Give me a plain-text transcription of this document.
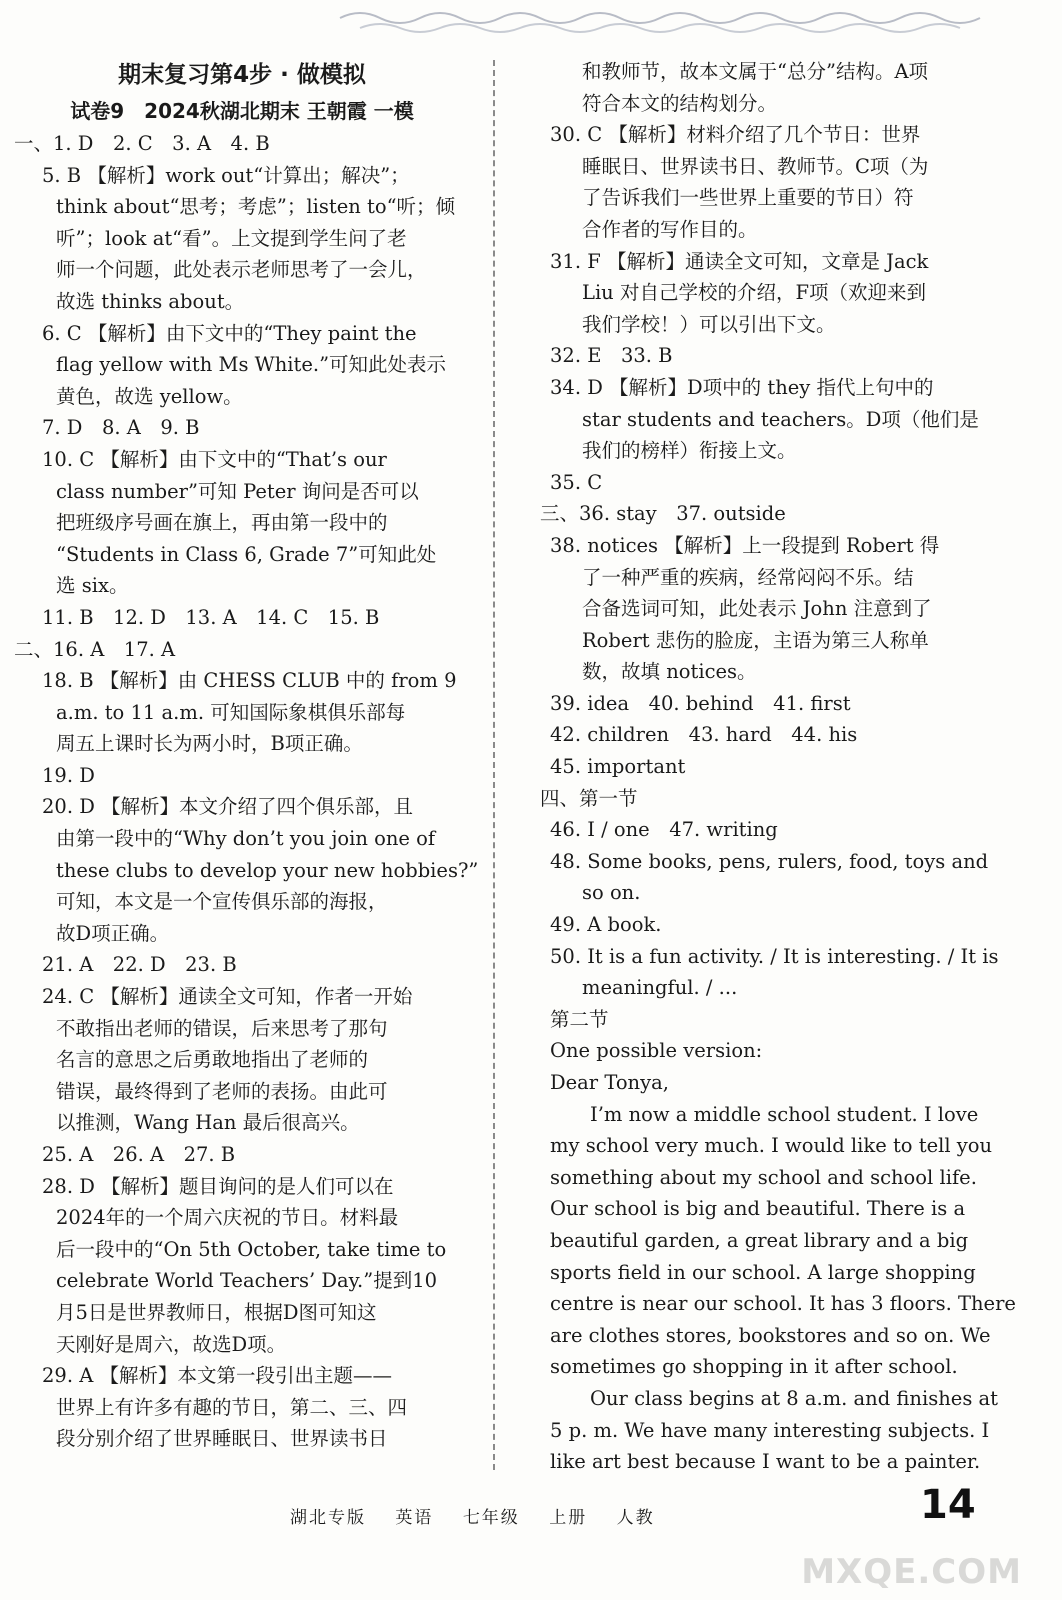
期末复习第4步 · 做模拟
试卷9　2024秋湖北期末 王朝霞 一模
一、1. D　2. C　3. A　4. B
5. B 【解析】work out“计算出；解决”；
think about“思考；考虑”；listen to“听；倾
听”；look at“看”。上文提到学生问了老
师一个问题，此处表示老师思考了一会儿，
故选 thinks about。
6. C 【解析】由下文中的“They paint the
flag yellow with Ms White.”可知此处表示
黄色，故选 yellow。
7. D　8. A　9. B
10. C 【解析】由下文中的“That’s our
class number”可知 Peter 询问是否可以
把班级序号画在旗上，再由第一段中的
“Students in Class 6, Grade 7”可知此处
选 six。
11. B　12. D　13. A　14. C　15. B
二、16. A　17. A
18. B 【解析】由 CHESS CLUB 中的 from 9
a.m. to 11 a.m. 可知国际象棋俱乐部每
周五上课时长为两小时，B项正确。
19. D
20. D 【解析】本文介绍了四个俱乐部，且
由第一段中的“Why don’t you join one of
these clubs to develop your new hobbies?”
可知，本文是一个宣传俱乐部的海报，
故D项正确。
21. A　22. D　23. B
24. C 【解析】通读全文可知，作者一开始
不敢指出老师的错误，后来思考了那句
名言的意思之后勇敢地指出了老师的
错误，最终得到了老师的表扬。由此可
以推测，Wang Han 最后很高兴。
25. A　26. A　27. B
28. D 【解析】题目询问的是人们可以在
2024年的一个周六庆祝的节日。材料最
后一段中的“On 5th October, take time to
celebrate World Teachers’ Day.”提到10
月5日是世界教师日，根据D图可知这
天刚好是周六，故选D项。
29. A 【解析】本文第一段引出主题——
世界上有许多有趣的节日，第二、三、四
段分别介绍了世界睡眠日、世界读书日
和教师节，故本文属于“总分”结构。A项
符合本文的结构划分。
30. C 【解析】材料介绍了几个节日：世界
睡眠日、世界读书日、教师节。C项（为
了告诉我们一些世界上重要的节日）符
合作者的写作目的。
31. F 【解析】通读全文可知，文章是 Jack
Liu 对自己学校的介绍，F项（欢迎来到
我们学校！）可以引出下文。
32. E　33. B
34. D 【解析】D项中的 they 指代上句中的
star students and teachers。D项（他们是
我们的榜样）衔接上文。
35. C
三、36. stay　37. outside
38. notices 【解析】上一段提到 Robert 得
了一种严重的疾病，经常闷闷不乐。结
合备选词可知，此处表示 John 注意到了
Robert 悲伤的脸庞，主语为第三人称单
数，故填 notices。
39. idea　40. behind　41. first
42. children　43. hard　44. his
45. important
四、第一节
46. I / one　47. writing
48. Some books, pens, rulers, food, toys and
so on.
49. A book.
50. It is a fun activity. / It is interesting. / It is
meaningful. / ...
第二节
One possible version:
Dear Tonya,
I’m now a middle school student. I love
my school very much. I would like to tell you
something about my school and school life.
Our school is big and beautiful. There is a
beautiful garden, a great library and a big
sports field in our school. A large shopping
centre is near our school. It has 3 floors. There
are clothes stores, bookstores and so on. We
sometimes go shopping in it after school.
Our class begins at 8 a.m. and finishes at
5 p. m. We have many interesting subjects. I
like art best because I want to be a painter.
湖北专版 英语 七年级 上册 人教	14
MXQE.COM
